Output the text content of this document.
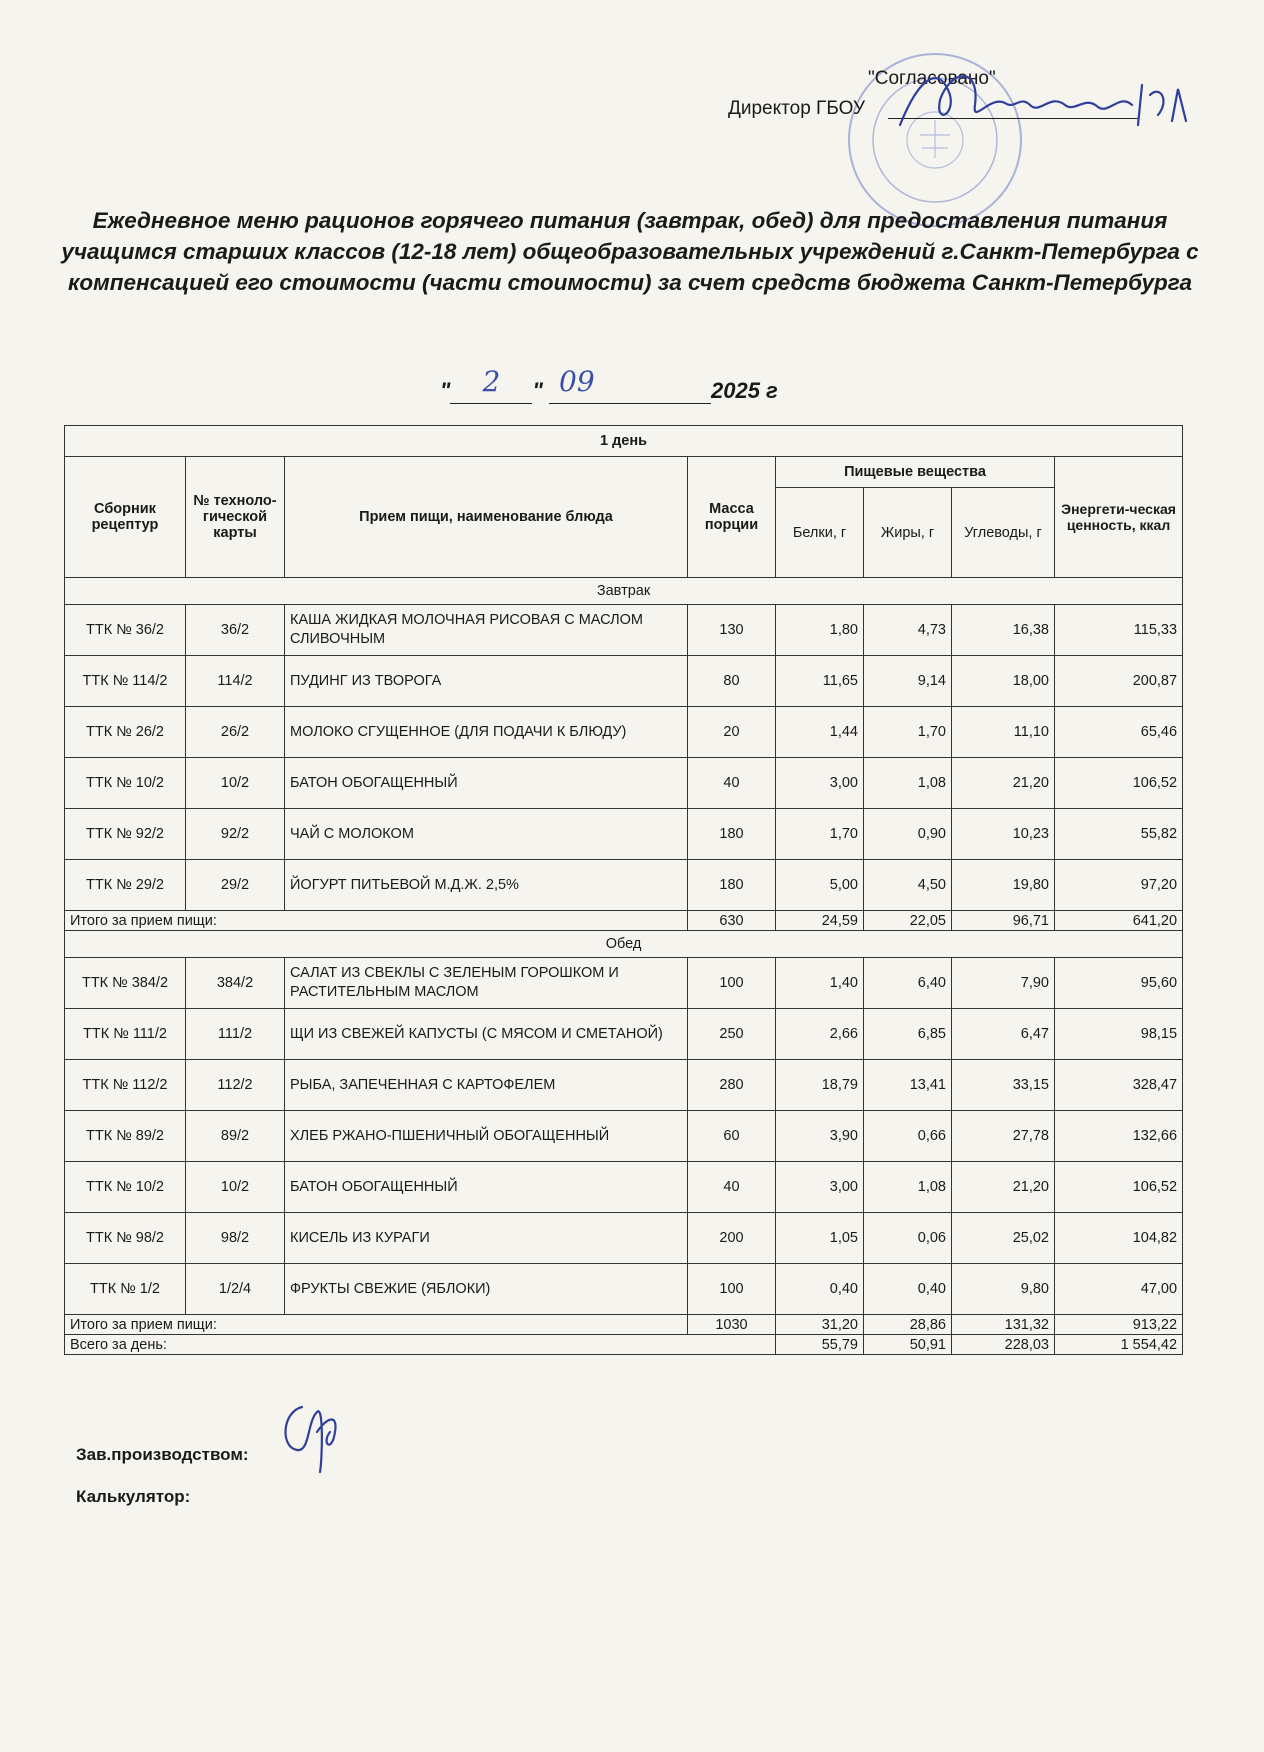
"Согласовано"
Директор ГБОУ
Ежедневное меню рационов горячего питания (завтрак, обед) для предоставления питания учащимся старших классов (12-18 лет) общеобразовательных учреждений г.Санкт-Петербурга с компенсацией его стоимости (части стоимости) за счет средств бюджета Санкт-Петербурга
"	2	" 09	2025 г
1 день							
Сборник рецептур	№ техноло-гической карты	Прием пищи, наименование блюда	Масса порции	Пищевые вещества			Энергети-ческая ценность, ккал
				Белки, г	Жиры, г	Углеводы, г	
Завтрак							
ТТК № 36/2	36/2	КАША ЖИДКАЯ МОЛОЧНАЯ РИСОВАЯ С МАСЛОМ СЛИВОЧНЫМ	130	1,80	4,73	16,38	115,33
ТТК № 114/2	114/2	ПУДИНГ ИЗ ТВОРОГА	80	11,65	9,14	18,00	200,87
ТТК № 26/2	26/2	МОЛОКО СГУЩЕННОЕ (ДЛЯ ПОДАЧИ К БЛЮДУ)	20	1,44	1,70	11,10	65,46
ТТК № 10/2	10/2	БАТОН ОБОГАЩЕННЫЙ	40	3,00	1,08	21,20	106,52
ТТК № 92/2	92/2	ЧАЙ С МОЛОКОМ	180	1,70	0,90	10,23	55,82
ТТК № 29/2	29/2	ЙОГУРТ ПИТЬЕВОЙ М.Д.Ж. 2,5%	180	5,00	4,50	19,80	97,20
Итого за прием пищи:			630	24,59	22,05	96,71	641,20
Обед							
ТТК № 384/2	384/2	САЛАТ ИЗ СВЕКЛЫ С ЗЕЛЕНЫМ ГОРОШКОМ И РАСТИТЕЛЬНЫМ МАСЛОМ	100	1,40	6,40	7,90	95,60
ТТК № 111/2	111/2	ЩИ ИЗ СВЕЖЕЙ КАПУСТЫ (С МЯСОМ И СМЕТАНОЙ)	250	2,66	6,85	6,47	98,15
ТТК № 112/2	112/2	РЫБА, ЗАПЕЧЕННАЯ С КАРТОФЕЛЕМ	280	18,79	13,41	33,15	328,47
ТТК № 89/2	89/2	ХЛЕБ РЖАНО-ПШЕНИЧНЫЙ ОБОГАЩЕННЫЙ	60	3,90	0,66	27,78	132,66
ТТК № 10/2	10/2	БАТОН ОБОГАЩЕННЫЙ	40	3,00	1,08	21,20	106,52
ТТК № 98/2	98/2	КИСЕЛЬ ИЗ КУРАГИ	200	1,05	0,06	25,02	104,82
ТТК № 1/2	1/2/4	ФРУКТЫ СВЕЖИЕ (ЯБЛОКИ)	100	0,40	0,40	9,80	47,00
Итого за прием пищи:			1030	31,20	28,86	131,32	913,22
Всего за день:				55,79	50,91	228,03	1 554,42
Зав.производством:
Калькулятор:
